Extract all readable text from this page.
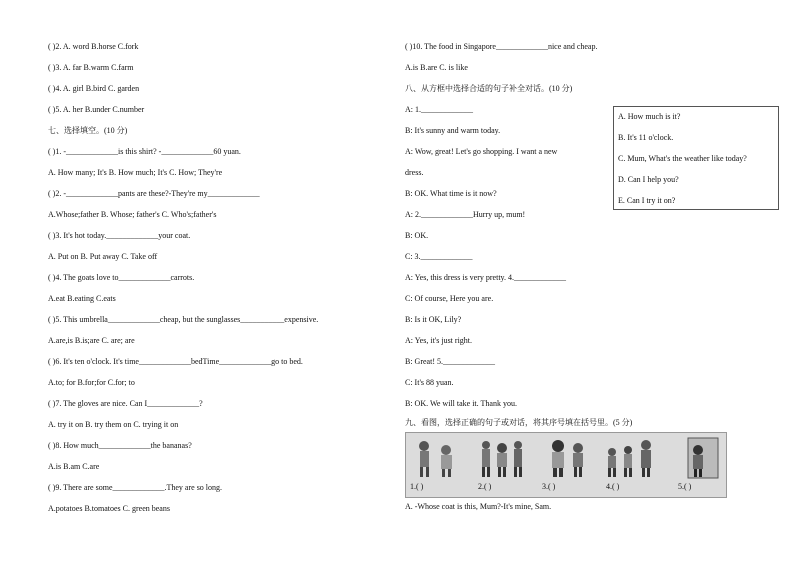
( )2. A. word B.horse C.fork
( )3. A. far B.warm C.farm
( )4. A. girl B.bird C. garden
( )5. A. her B.under C.number
七、选择填空。(10 分)
( )1. -_____________is this shirt? -_____________60 yuan.
A. How many; It's B. How much; It's C. How; They're
( )2. -_____________pants are these?-They're my_____________
A.Whose;father B. Whose; father's C. Who's;father's
( )3. It's hot today._____________your coat.
A. Put on B. Put away C. Take off
( )4. The goats love to_____________carrots.
A.eat B.eating C.eats
( )5. This umbrella_____________cheap, but the sunglasses___________expensive.
A.are,is B.is;are C. are; are
( )6. It's ten o'clock. It's time_____________bedTime_____________go to bed.
A.to; for B.for;for C.for; to
( )7. The gloves are nice. Can I_____________?
A. try it on B. try them on C. trying it on
( )8. How much_____________the bananas?
A.is B.am C.are
( )9. There are some_____________.They are so long.
A.potatoes B.tomatoes C. green beans
( )10. The food in Singapore_____________nice and cheap.
A.is B.are C. is like
八、从方框中选择合适的句子补全对话。(10 分)
A: 1._____________
B: It's sunny and warm today.
A: Wow, great! Let's go shopping. I want a new
dress.
B: OK. What time is it now?
A: 2._____________Hurry up, mum!
B: OK.
C: 3._____________
A: Yes, this dress is very pretty. 4._____________
C: Of course, Here you are.
B: Is it OK, Lily?
A: Yes, it's just right.
B: Great! 5._____________
C: It's 88 yuan.
B: OK. We will take it. Thank you.
九、看图，选择正确的句子或对话，将其序号填在括号里。(5 分)
A. -Whose coat is this, Mum?-It's mine, Sam.
A. How much is it?
B. It's 11 o'clock.
C. Mum, What's the weather like today?
D. Can I help you?
E. Can I try it on?
1.( )	2.( )	3.( )	4.( )	5.( )
